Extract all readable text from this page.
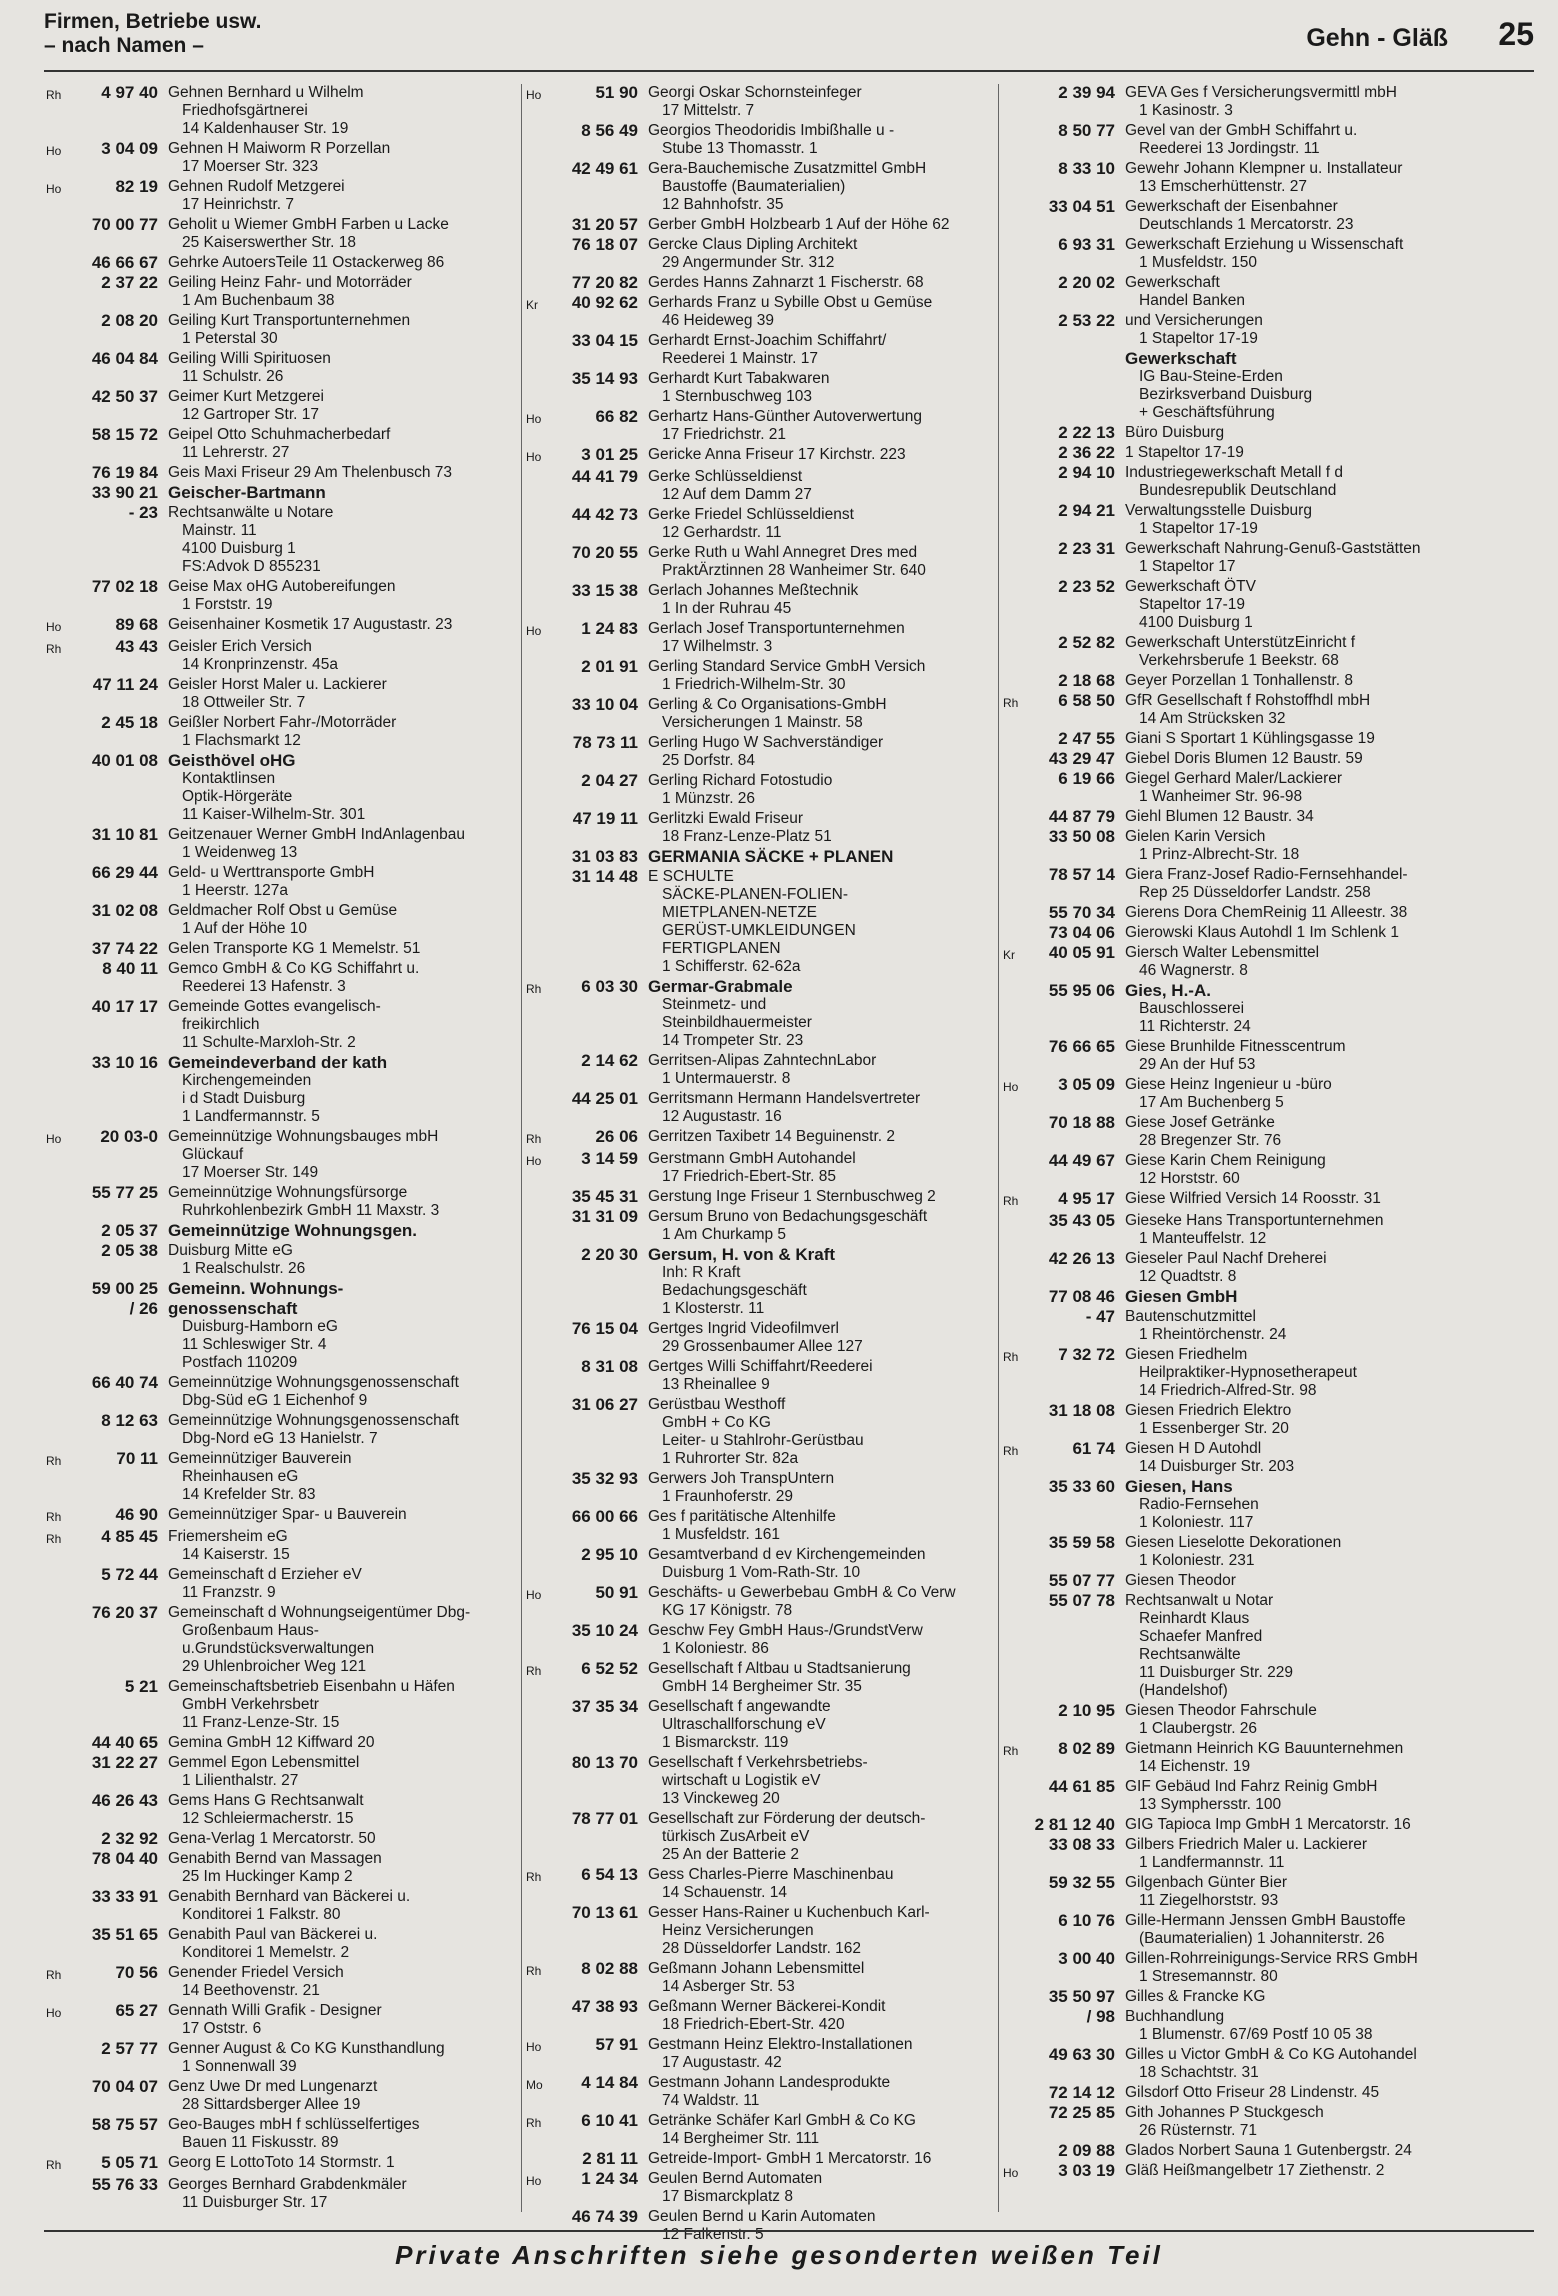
Firmen, Betriebe usw.
– nach Namen –	Gehn - Gläß 25
Rh	4 97 40 Gehnen Bernhard u Wilhelm
Friedhofsgärtnerei
14 Kaldenhauser Str. 19
Ho	3 04 09 Gehnen H Maiworm R Porzellan
17 Moerser Str. 323
Ho	82 19 Gehnen Rudolf Metzgerei
17 Heinrichstr. 7
70 00 77 Geholit u Wiemer GmbH Farben u Lacke
25 Kaiserswerther Str. 18
46 66 67 Gehrke AutoersTeile 11 Ostackerweg 86
2 37 22 Geiling Heinz Fahr- und Motorräder
1 Am Buchenbaum 38
2 08 20 Geiling Kurt Transportunternehmen
1 Peterstal 30
46 04 84 Geiling Willi Spirituosen
11 Schulstr. 26
42 50 37 Geimer Kurt Metzgerei
12 Gartroper Str. 17
58 15 72 Geipel Otto Schuhmacherbedarf
11 Lehrerstr. 27
76 19 84 Geis Maxi Friseur 29 Am Thelenbusch 73
33 90 21 Geischer-Bartmann
- 23 Rechtsanwälte u Notare
Mainstr. 11
4100 Duisburg 1
FS:Advok D 855231
77 02 18 Geise Max oHG Autobereifungen
1 Forststr. 19
Ho	89 68 Geisenhainer Kosmetik 17 Augustastr. 23
Rh	43 43 Geisler Erich Versich
14 Kronprinzenstr. 45a
47 11 24 Geisler Horst Maler u. Lackierer
18 Ottweiler Str. 7
2 45 18 Geißler Norbert Fahr-/Motorräder
1 Flachsmarkt 12
40 01 08 Geisthövel oHG
Kontaktlinsen
Optik-Hörgeräte
11 Kaiser-Wilhelm-Str. 301
31 10 81 Geitzenauer Werner GmbH IndAnlagenbau
1 Weidenweg 13
66 29 44 Geld- u Werttransporte GmbH
1 Heerstr. 127a
31 02 08 Geldmacher Rolf Obst u Gemüse
1 Auf der Höhe 10
37 74 22 Gelen Transporte KG 1 Memelstr. 51
8 40 11 Gemco GmbH & Co KG Schiffahrt u.
Reederei 13 Hafenstr. 3
40 17 17 Gemeinde Gottes evangelisch-
freikirchlich
11 Schulte-Marxloh-Str. 2
33 10 16 Gemeindeverband der kath
Kirchengemeinden
i d Stadt Duisburg
1 Landfermannstr. 5
Ho	20 03-0 Gemeinnützige Wohnungsbauges mbH
Glückauf
17 Moerser Str. 149
55 77 25 Gemeinnützige Wohnungsfürsorge
Ruhrkohlenbezirk GmbH 11 Maxstr. 3
2 05 37 Gemeinnützige Wohnungsgen.
2 05 38 Duisburg Mitte eG
1 Realschulstr. 26
59 00 25 Gemeinn. Wohnungs-
/ 26 genossenschaft
Duisburg-Hamborn eG
11 Schleswiger Str. 4
Postfach 110209
66 40 74 Gemeinnützige Wohnungsgenossenschaft
Dbg-Süd eG 1 Eichenhof 9
8 12 63 Gemeinnützige Wohnungsgenossenschaft
Dbg-Nord eG 13 Hanielstr. 7
Rh	70 11 Gemeinnütziger Bauverein
Rheinhausen eG
14 Krefelder Str. 83
Rh	46 90 Gemeinnütziger Spar- u Bauverein
Rh	4 85 45 Friemersheim eG
14 Kaiserstr. 15
5 72 44 Gemeinschaft d Erzieher eV
11 Franzstr. 9
76 20 37 Gemeinschaft d Wohnungseigentümer Dbg-
Großenbaum Haus-
u.Grundstücksverwaltungen
29 Uhlenbroicher Weg 121
5 21 Gemeinschaftsbetrieb Eisenbahn u Häfen
GmbH Verkehrsbetr
11 Franz-Lenze-Str. 15
44 40 65 Gemina GmbH 12 Kiffward 20
31 22 27 Gemmel Egon Lebensmittel
1 Lilienthalstr. 27
46 26 43 Gems Hans G Rechtsanwalt
12 Schleiermacherstr. 15
2 32 92 Gena-Verlag 1 Mercatorstr. 50
78 04 40 Genabith Bernd van Massagen
25 Im Huckinger Kamp 2
33 33 91 Genabith Bernhard van Bäckerei u.
Konditorei 1 Falkstr. 80
35 51 65 Genabith Paul van Bäckerei u.
Konditorei 1 Memelstr. 2
Rh	70 56 Genender Friedel Versich
14 Beethovenstr. 21
Ho	65 27 Gennath Willi Grafik - Designer
17 Oststr. 6
2 57 77 Genner August & Co KG Kunsthandlung
1 Sonnenwall 39
70 04 07 Genz Uwe Dr med Lungenarzt
28 Sittardsberger Allee 19
58 75 57 Geo-Bauges mbH f schlüsselfertiges
Bauen 11 Fiskusstr. 89
Rh	5 05 71 Georg E LottoToto 14 Stormstr. 1
55 76 33 Georges Bernhard Grabdenkmäler
11 Duisburger Str. 17
Ho	51 90 Georgi Oskar Schornsteinfeger
17 Mittelstr. 7
8 56 49 Georgios Theodoridis Imbißhalle u -
Stube 13 Thomasstr. 1
42 49 61 Gera-Bauchemische Zusatzmittel GmbH
Baustoffe (Baumaterialien)
12 Bahnhofstr. 35
31 20 57 Gerber GmbH Holzbearb 1 Auf der Höhe 62
76 18 07 Gercke Claus Dipling Architekt
29 Angermunder Str. 312
77 20 82 Gerdes Hanns Zahnarzt 1 Fischerstr. 68
Kr	40 92 62 Gerhards Franz u Sybille Obst u Gemüse
46 Heideweg 39
33 04 15 Gerhardt Ernst-Joachim Schiffahrt/
Reederei 1 Mainstr. 17
35 14 93 Gerhardt Kurt Tabakwaren
1 Sternbuschweg 103
Ho	66 82 Gerhartz Hans-Günther Autoverwertung
17 Friedrichstr. 21
Ho	3 01 25 Gericke Anna Friseur 17 Kirchstr. 223
44 41 79 Gerke Schlüsseldienst
12 Auf dem Damm 27
44 42 73 Gerke Friedel Schlüsseldienst
12 Gerhardstr. 11
70 20 55 Gerke Ruth u Wahl Annegret Dres med
PraktÄrztinnen 28 Wanheimer Str. 640
33 15 38 Gerlach Johannes Meßtechnik
1 In der Ruhrau 45
Ho	1 24 83 Gerlach Josef Transportunternehmen
17 Wilhelmstr. 3
2 01 91 Gerling Standard Service GmbH Versich
1 Friedrich-Wilhelm-Str. 30
33 10 04 Gerling & Co Organisations-GmbH
Versicherungen 1 Mainstr. 58
78 73 11 Gerling Hugo W Sachverständiger
25 Dorfstr. 84
2 04 27 Gerling Richard Fotostudio
1 Münzstr. 26
47 19 11 Gerlitzki Ewald Friseur
18 Franz-Lenze-Platz 51
31 03 83 GERMANIA SÄCKE + PLANEN
31 14 48 E SCHULTE
SÄCKE-PLANEN-FOLIEN-
MIETPLANEN-NETZE
GERÜST-UMKLEIDUNGEN
FERTIGPLANEN
1 Schifferstr. 62-62a
Rh	6 03 30 Germar-Grabmale
Steinmetz- und
Steinbildhauermeister
14 Trompeter Str. 23
2 14 62 Gerritsen-Alipas ZahntechnLabor
1 Untermauerstr. 8
44 25 01 Gerritsmann Hermann Handelsvertreter
12 Augustastr. 16
Rh	26 06 Gerritzen Taxibetr 14 Beguinenstr. 2
Ho	3 14 59 Gerstmann GmbH Autohandel
17 Friedrich-Ebert-Str. 85
35 45 31 Gerstung Inge Friseur 1 Sternbuschweg 2
31 31 09 Gersum Bruno von Bedachungsgeschäft
1 Am Churkamp 5
2 20 30 Gersum, H. von & Kraft
Inh: R Kraft
Bedachungsgeschäft
1 Klosterstr. 11
76 15 04 Gertges Ingrid Videofilmverl
29 Grossenbaumer Allee 127
8 31 08 Gertges Willi Schiffahrt/Reederei
13 Rheinallee 9
31 06 27 Gerüstbau Westhoff
GmbH + Co KG
Leiter- u Stahlrohr-Gerüstbau
1 Ruhrorter Str. 82a
35 32 93 Gerwers Joh TranspUntern
1 Fraunhoferstr. 29
66 00 66 Ges f paritätische Altenhilfe
1 Musfeldstr. 161
2 95 10 Gesamtverband d ev Kirchengemeinden
Duisburg 1 Vom-Rath-Str. 10
Ho	50 91 Geschäfts- u Gewerbebau GmbH & Co Verw
KG 17 Königstr. 78
35 10 24 Geschw Fey GmbH Haus-/GrundstVerw
1 Koloniestr. 86
Rh	6 52 52 Gesellschaft f Altbau u Stadtsanierung
GmbH 14 Bergheimer Str. 35
37 35 34 Gesellschaft f angewandte
Ultraschallforschung eV
1 Bismarckstr. 119
80 13 70 Gesellschaft f Verkehrsbetriebs-
wirtschaft u Logistik eV
13 Vinckeweg 20
78 77 01 Gesellschaft zur Förderung der deutsch-
türkisch ZusArbeit eV
25 An der Batterie 2
Rh	6 54 13 Gess Charles-Pierre Maschinenbau
14 Schauenstr. 14
70 13 61 Gesser Hans-Rainer u Kuchenbuch Karl-
Heinz Versicherungen
28 Düsseldorfer Landstr. 162
Rh	8 02 88 Geßmann Johann Lebensmittel
14 Asberger Str. 53
47 38 93 Geßmann Werner Bäckerei-Kondit
18 Friedrich-Ebert-Str. 420
Ho	57 91 Gestmann Heinz Elektro-Installationen
17 Augustastr. 42
Mo	4 14 84 Gestmann Johann Landesprodukte
74 Waldstr. 11
Rh	6 10 41 Getränke Schäfer Karl GmbH & Co KG
14 Bergheimer Str. 111
2 81 11 Getreide-Import- GmbH 1 Mercatorstr. 16
Ho	1 24 34 Geulen Bernd Automaten
17 Bismarckplatz 8
46 74 39 Geulen Bernd u Karin Automaten
12 Falkenstr. 5
2 39 94 GEVA Ges f Versicherungsvermittl mbH
1 Kasinostr. 3
8 50 77 Gevel van der GmbH Schiffahrt u.
Reederei 13 Jordingstr. 11
8 33 10 Gewehr Johann Klempner u. Installateur
13 Emscherhüttenstr. 27
33 04 51 Gewerkschaft der Eisenbahner
Deutschlands 1 Mercatorstr. 23
6 93 31 Gewerkschaft Erziehung u Wissenschaft
1 Musfeldstr. 150
2 20 02 Gewerkschaft
Handel Banken
2 53 22 und Versicherungen
1 Stapeltor 17-19
Gewerkschaft
IG Bau-Steine-Erden
Bezirksverband Duisburg
+ Geschäftsführung
2 22 13 Büro Duisburg
2 36 22 1 Stapeltor 17-19
2 94 10 Industriegewerkschaft Metall f d
Bundesrepublik Deutschland
2 94 21 Verwaltungsstelle Duisburg
1 Stapeltor 17-19
2 23 31 Gewerkschaft Nahrung-Genuß-Gaststätten
1 Stapeltor 17
2 23 52 Gewerkschaft ÖTV
Stapeltor 17-19
4100 Duisburg 1
2 52 82 Gewerkschaft UnterstützEinricht f
Verkehrsberufe 1 Beekstr. 68
2 18 68 Geyer Porzellan 1 Tonhallenstr. 8
Rh	6 58 50 GfR Gesellschaft f Rohstoffhdl mbH
14 Am Strücksken 32
2 47 55 Giani S Sportart 1 Kühlingsgasse 19
43 29 47 Giebel Doris Blumen 12 Baustr. 59
6 19 66 Giegel Gerhard Maler/Lackierer
1 Wanheimer Str. 96-98
44 87 79 Giehl Blumen 12 Baustr. 34
33 50 08 Gielen Karin Versich
1 Prinz-Albrecht-Str. 18
78 57 14 Giera Franz-Josef Radio-Fernsehhandel-
Rep 25 Düsseldorfer Landstr. 258
55 70 34 Gierens Dora ChemReinig 11 Alleestr. 38
73 04 06 Gierowski Klaus Autohdl 1 Im Schlenk 1
Kr	40 05 91 Giersch Walter Lebensmittel
46 Wagnerstr. 8
55 95 06 Gies, H.-A.
Bauschlosserei
11 Richterstr. 24
76 66 65 Giese Brunhilde Fitnesscentrum
29 An der Huf 53
Ho	3 05 09 Giese Heinz Ingenieur u -büro
17 Am Buchenberg 5
70 18 88 Giese Josef Getränke
28 Bregenzer Str. 76
44 49 67 Giese Karin Chem Reinigung
12 Horststr. 60
Rh	4 95 17 Giese Wilfried Versich 14 Roosstr. 31
35 43 05 Gieseke Hans Transportunternehmen
1 Manteuffelstr. 12
42 26 13 Gieseler Paul Nachf Dreherei
12 Quadtstr. 8
77 08 46 Giesen GmbH
- 47 Bautenschutzmittel
1 Rheintörchenstr. 24
Rh	7 32 72 Giesen Friedhelm
Heilpraktiker-Hypnosetherapeut
14 Friedrich-Alfred-Str. 98
31 18 08 Giesen Friedrich Elektro
1 Essenberger Str. 20
Rh	61 74 Giesen H D Autohdl
14 Duisburger Str. 203
35 33 60 Giesen, Hans
Radio-Fernsehen
1 Koloniestr. 117
35 59 58 Giesen Lieselotte Dekorationen
1 Koloniestr. 231
55 07 77 Giesen Theodor
55 07 78 Rechtsanwalt u Notar
Reinhardt Klaus
Schaefer Manfred
Rechtsanwälte
11 Duisburger Str. 229
(Handelshof)
2 10 95 Giesen Theodor Fahrschule
1 Claubergstr. 26
Rh	8 02 89 Gietmann Heinrich KG Bauunternehmen
14 Eichenstr. 19
44 61 85 GIF Gebäud Ind Fahrz Reinig GmbH
13 Symphersstr. 100
2 81 12 40 GIG Tapioca Imp GmbH 1 Mercatorstr. 16
33 08 33 Gilbers Friedrich Maler u. Lackierer
1 Landfermannstr. 11
59 32 55 Gilgenbach Günter Bier
11 Ziegelhorststr. 93
6 10 76 Gille-Hermann Jenssen GmbH Baustoffe
(Baumaterialien) 1 Johanniterstr. 26
3 00 40 Gillen-Rohrreinigungs-Service RRS GmbH
1 Stresemannstr. 80
35 50 97 Gilles & Francke KG
/ 98 Buchhandlung
1 Blumenstr. 67/69 Postf 10 05 38
49 63 30 Gilles u Victor GmbH & Co KG Autohandel
18 Schachtstr. 31
72 14 12 Gilsdorf Otto Friseur 28 Lindenstr. 45
72 25 85 Gith Johannes P Stuckgesch
26 Rüsternstr. 71
2 09 88 Glados Norbert Sauna 1 Gutenbergstr. 24
Ho	3 03 19 Gläß Heißmangelbetr 17 Ziethenstr. 2
Private Anschriften siehe gesonderten weißen Teil
